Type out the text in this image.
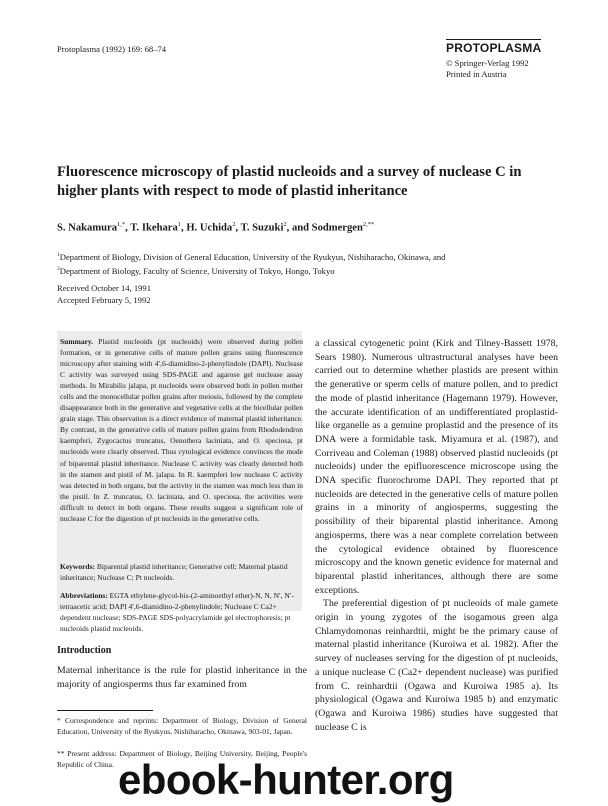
Protoplasma (1992) 169: 68–74	PROTOPLASMA
© Springer-Verlag 1992
Printed in Austria
Fluorescence microscopy of plastid nucleoids and a survey of nuclease C in higher plants with respect to mode of plastid inheritance
S. Nakamura$^{1,*}$, T. Ikehara$^1$, H. Uchida$^2$, T. Suzuki$^2$, and Sodmergen$^{2,**}$
$^1$Department of Biology, Division of General Education, University of the Ryukyus, Nishiharacho, Okinawa, and
$^2$Department of Biology, Faculty of Science, University of Tokyo, Hongo, Tokyo
Received October 14, 1991
Accepted February 5, 1992
Summary. Plastid nucleoids (pt nucleoids) were observed during pollen formation, or in generative cells of mature pollen grains using fluorescence microscopy after staining with 4′,6-diamidino-2-phenylindole (DAPI). Nuclease C activity was surveyed using SDS-PAGE and agarose gel nuclease assay methods. In Mirabilis jalapa, pt nucleoids were observed both in pollen mother cells and the monocellular pollen grains after meiosis, followed by the complete disappearance both in the generative and vegetative cells at the bicellular pollen grain stage. This observation is a direct evidence of maternal plastid inheritance. By contrast, in the generative cells of mature pollen grains from Rhododendron kaempferi, Zygocactus truncatus, Oenothera laciniata, and O. speciosa, pt nucleoids were clearly observed. Thus cytological evidence convinces the mode of biparental plastid inheritance. Nuclease C activity was clearly detected both in the stamen and pistil of M. jalapa. In R. kaempferi low nuclease C activity was detected in both organs, but the activity in the stamen was much less than in the pistil. In Z. truncatus, O. laciniata, and O. speciosa, the activities were difficult to detect in both organs. These results suggest a significant role of nuclease C for the digestion of pt nucleoids in the generative cells.
Keywords: Biparental plastid inheritance; Generative cell; Maternal plastid inheritance; Nuclease C; Pt nucleoids.
Abbreviations: EGTA ethylene-glycol-bis-(2-aminoethyl ether)-N, N, N′, N′-tetraacetic acid; DAPI 4′,6-diamidino-2-phenylindole; Nuclease C Ca2+ dependent nuclease; SDS-PAGE SDS-polyacrylamide gel electrophoresis; pt nucleoids plastid nucleoids.
Introduction
Maternal inheritance is the rule for plastid inheritance in the majority of angiosperms thus far examined from
* Correspondence and reprints: Department of Biology, Division of General Education, University of the Ryukyus, Nishiharacho, Okinawa, 903-01, Japan.
** Present address: Department of Biology, Beijing University, Beijing, People's Republic of China.

a classical cytogenetic point (Kirk and Tilney-Bassett 1978, Sears 1980). Numerous ultrastructural analyses have been carried out to determine whether plastids are present within the generative or sperm cells of mature pollen, and to predict the mode of plastid inheritance (Hagemann 1979). However, the accurate identification of an undifferentiated proplastid-like organelle as a genuine proplastid and the presence of its DNA were a formidable task. Miyamura et al. (1987), and Corriveau and Coleman (1988) observed plastid nucleoids (pt nucleoids) under the epifluorescence microscope using the DNA specific fluorochrome DAPI. They reported that pt nucleoids are detected in the generative cells of mature pollen grains in a minority of angiosperms, suggesting the possibility of their biparental plastid inheritance. Among angiosperms, there was a near complete correlation between the cytological evidence obtained by fluorescence microscopy and the known genetic evidence for maternal and biparental plastid inheritances, although there are some exceptions.

The preferential digestion of pt nucleoids of male gamete origin in young zygotes of the isogamous green alga Chlamydomonas reinhardtii, might be the primary cause of maternal plastid inheritance (Kuroiwa et al. 1982). After the survey of nucleases serving for the digestion of pt nucleoids, a unique nuclease C (Ca2+ dependent nuclease) was purified from C. reinhardtii (Ogawa and Kuroiwa 1985 a). Its physiological (Ogawa and Kuroiwa 1985 b) and enzymatic (Ogawa and Kuroiwa 1986) studies have suggested that nuclease C is

ebook-hunter.org
